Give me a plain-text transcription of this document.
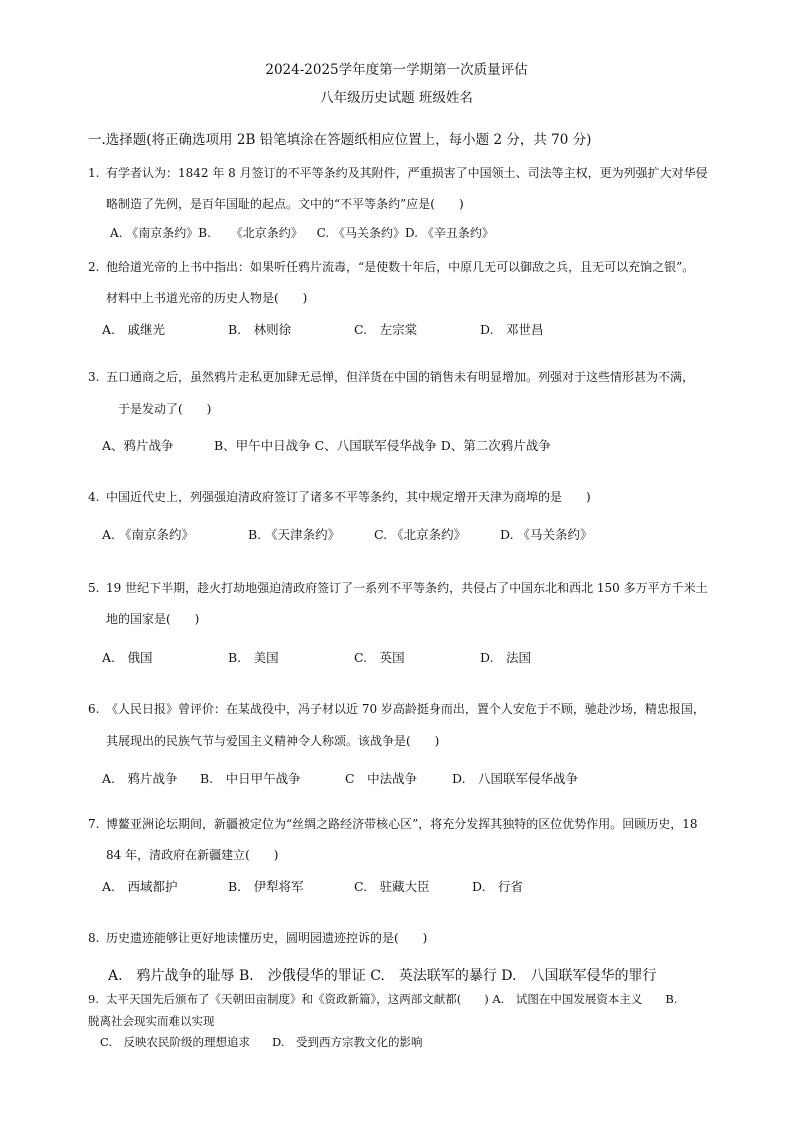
2024-2025学年度第一学期第一次质量评估
八年级历史试题 班级姓名
一.选择题(将正确选项用 2B 铅笔填涂在答题纸相应位置上，每小题 2 分，共 70 分)
1. 有学者认为：1842 年 8 月签订的不平等条约及其附件，严重损害了中国领土、司法等主权，更为列强扩大对华侵
略制造了先例，是百年国耻的起点。文中的“不平等条约”应是(　　)
A. 《南京条约》B. 《北京条约》 C. 《马关条约》D. 《辛丑条约》
2. 他给道光帝的上书中指出：如果听任鸦片流毒，“是使数十年后，中原几无可以御敌之兵，且无可以充饷之银”。
材料中上书道光帝的历史人物是(　　)
A.　戚继光	B.　林则徐	C.　左宗棠	D.　邓世昌
3. 五口通商之后，虽然鸦片走私更加肆无忌惮，但洋货在中国的销售未有明显增加。列强对于这些情形甚为不满，
于是发动了(　　)
A、鸦片战争	B、甲午中日战争 C、八国联军侵华战争 D、第二次鸦片战争
4. 中国近代史上，列强强迫清政府签订了诸多不平等条约，其中规定增开天津为商埠的是　　)
A. 《南京条约》	B. 《天津条约》	C. 《北京条约》	D. 《马关条约》
5. 19 世纪下半期，趁火打劫地强迫清政府签订了一系列不平等条约，共侵占了中国东北和西北 150 多万平方千米土
地的国家是(　　)
A.　俄国	B.　美国	C.　英国	D.　法国
6. 《人民日报》曾评价：在某战役中，冯子材以近 70 岁高龄挺身而出，置个人安危于不顾，驰赴沙场，精忠报国，
其展现出的民族气节与爱国主义精神令人称颂。该战争是(　　)
A.　鸦片战争 B.　中日甲午战争	C　中法战争	D.　八国联军侵华战争
7. 博鳌亚洲论坛期间，新疆被定位为“丝绸之路经济带核心区”，将充分发挥其独特的区位优势作用。回顾历史，18
84 年，清政府在新疆建立(　　)
A.　西域都护	B.　伊犁将军	C.　驻藏大臣	D.　行省
8. 历史遗迹能够让更好地读懂历史，圆明园遗迹控诉的是(　　)
A.　鸦片战争的耻辱 B.　沙俄侵华的罪证 C.　英法联军的暴行 D.　八国联军侵华的罪行
9. 太平天国先后颁布了《天朝田亩制度》和《资政新篇》，这两部文献都(　　) A.　试图在中国发展资本主义　　B.
脱离社会现实而难以实现
C.　反映农民阶级的理想追求 D.　受到西方宗教文化的影响
